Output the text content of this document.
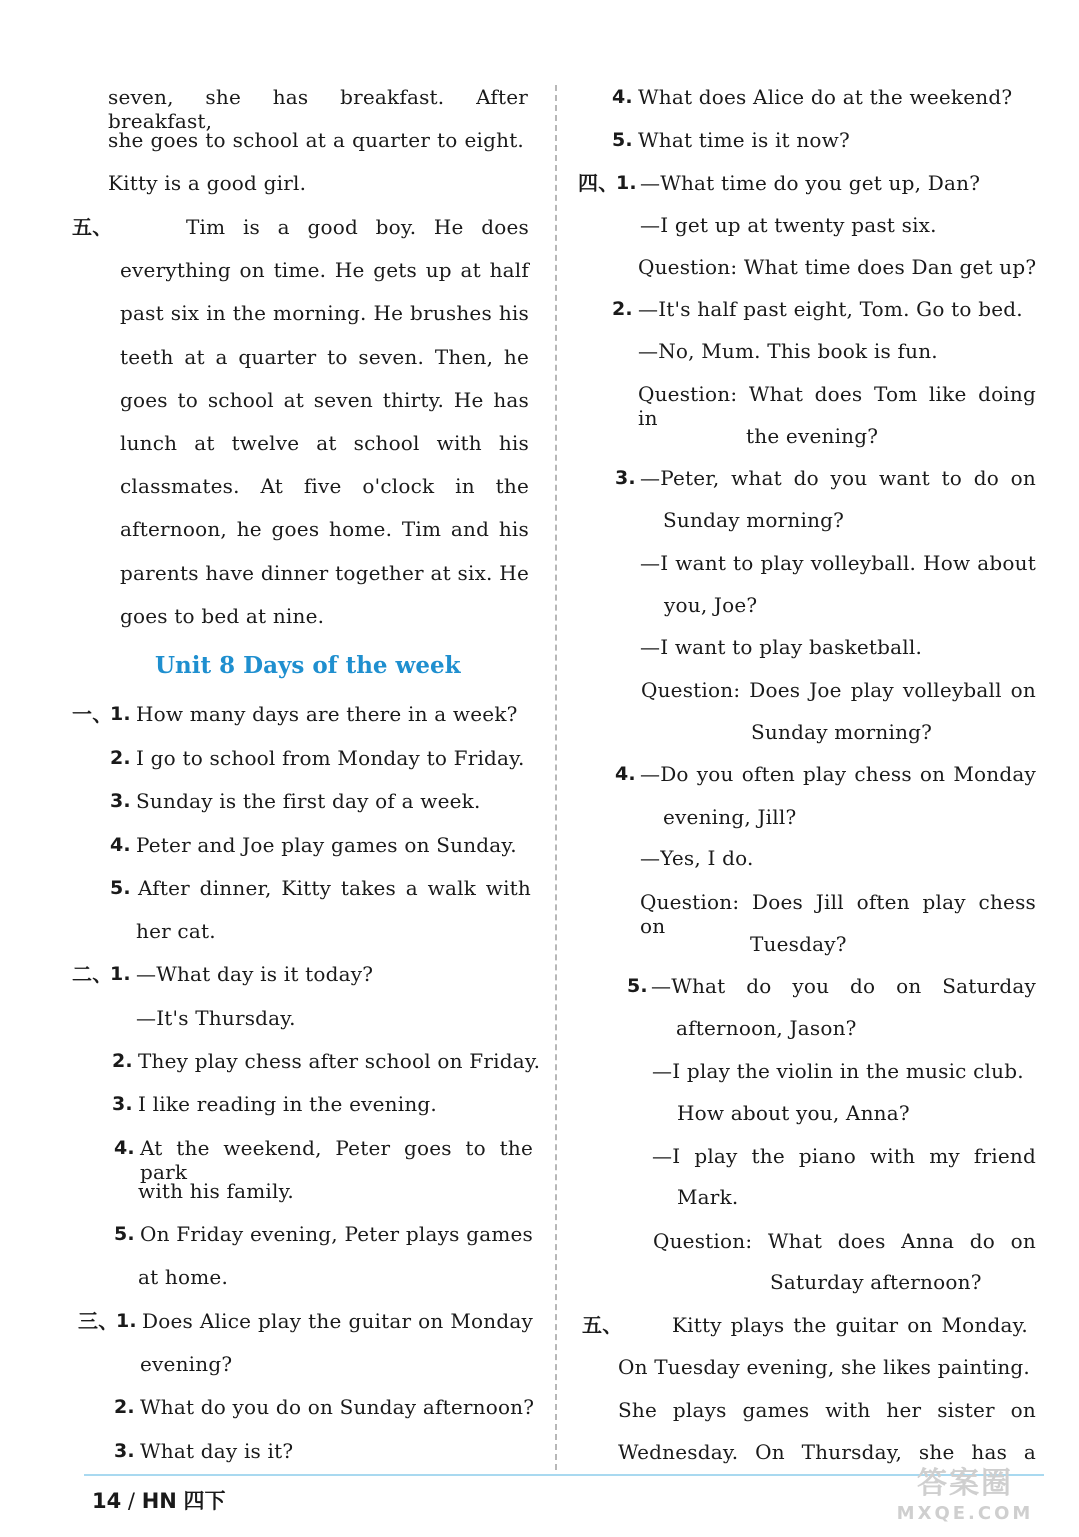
seven, she has breakfast. After breakfast,
she goes to school at a quarter to eight.
Kitty is a good girl.
五、	Tim is a good boy. He does
everything on time. He gets up at half
past six in the morning. He brushes his
teeth at a quarter to seven. Then, he
goes to school at seven thirty. He has
lunch at twelve at school with his
classmates. At five o'clock in the
afternoon, he goes home. Tim and his
parents have dinner together at six. He
goes to bed at nine.
Unit 8 Days of the week
一、
1. How many days are there in a week?
2. I go to school from Monday to Friday.
3. Sunday is the first day of a week.
4. Peter and Joe play games on Sunday.
5. After dinner, Kitty takes a walk with
her cat.
二、
1. —What day is it today?
—It's Thursday.
2. They play chess after school on Friday.
3. I like reading in the evening.
4. At the weekend, Peter goes to the park
with his family.
5. On Friday evening, Peter plays games
at home.
三、
1. Does Alice play the guitar on Monday
evening?
2. What do you do on Sunday afternoon?
3. What day is it?
4. What does Alice do at the weekend?
5. What time is it now?
四、
1. —What time do you get up, Dan?
—I get up at twenty past six.
Question: What time does Dan get up?
2. —It's half past eight, Tom. Go to bed.
—No, Mum. This book is fun.
Question: What does Tom like doing in
the evening?
3. —Peter, what do you want to do on
Sunday morning?
—I want to play volleyball. How about
you, Joe?
—I want to play basketball.
Question: Does Joe play volleyball on
Sunday morning?
4. —Do you often play chess on Monday
evening, Jill?
—Yes, I do.
Question: Does Jill often play chess on
Tuesday?
5. —What do you do on Saturday
afternoon, Jason?
—I play the violin in the music club.
How about you, Anna?
—I play the piano with my friend
Mark.
Question: What does Anna do on
Saturday afternoon?
五、 Kitty plays the guitar on Monday.
On Tuesday evening, she likes painting.
She plays games with her sister on
Wednesday. On Thursday, she has a
14 / HN 四下	答案圈
MXQE.COM
